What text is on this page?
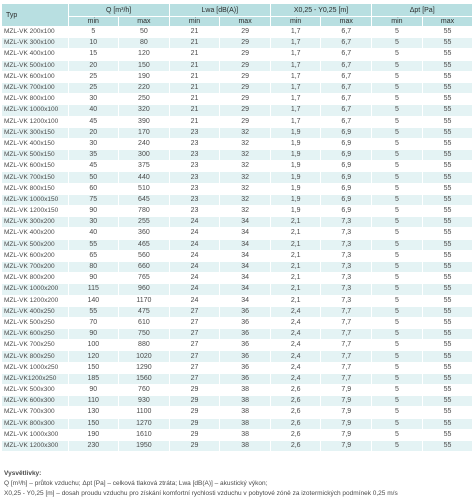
Typ	Q [m³/h]		Lwa [dB(A)]		X0,25 - Y0,25 [m]		Δpt [Pa]	
	min	max	min	max	min	max	min	max
MZL-VK 200x100	5	50	21	29	1,7	6,7	5	55
MZL-VK 300x100	10	80	21	29	1,7	6,7	5	55
MZL-VK 400x100	15	120	21	29	1,7	6,7	5	55
MZL-VK 500x100	20	150	21	29	1,7	6,7	5	55
MZL-VK 600x100	25	190	21	29	1,7	6,7	5	55
MZL-VK 700x100	25	220	21	29	1,7	6,7	5	55
MZL-VK 800x100	30	250	21	29	1,7	6,7	5	55
MZL-VK 1000x100	40	320	21	29	1,7	6,7	5	55
MZL-VK 1200x100	45	390	21	29	1,7	6,7	5	55
MZL-VK 300x150	20	170	23	32	1,9	6,9	5	55
MZL-VK 400x150	30	240	23	32	1,9	6,9	5	55
MZL-VK 500x150	35	300	23	32	1,9	6,9	5	55
MZL-VK 600x150	45	375	23	32	1,9	6,9	5	55
MZL-VK 700x150	50	440	23	32	1,9	6,9	5	55
MZL-VK 800x150	60	510	23	32	1,9	6,9	5	55
MZL-VK 1000x150	75	645	23	32	1,9	6,9	5	55
MZL-VK 1200x150	90	780	23	32	1,9	6,9	5	55
MZL-VK 300x200	30	255	24	34	2,1	7,3	5	55
MZL-VK 400x200	40	360	24	34	2,1	7,3	5	55
MZL-VK 500x200	55	465	24	34	2,1	7,3	5	55
MZL-VK 600x200	65	560	24	34	2,1	7,3	5	55
MZL-VK 700x200	80	660	24	34	2,1	7,3	5	55
MZL-VK 800x200	90	765	24	34	2,1	7,3	5	55
MZL-VK 1000x200	115	960	24	34	2,1	7,3	5	55
MZL-VK 1200x200	140	1170	24	34	2,1	7,3	5	55
MZL-VK 400x250	55	475	27	36	2,4	7,7	5	55
MZL-VK 500x250	70	610	27	36	2,4	7,7	5	55
MZL-VK 600x250	90	750	27	36	2,4	7,7	5	55
MZL-VK 700x250	100	880	27	36	2,4	7,7	5	55
MZL-VK 800x250	120	1020	27	36	2,4	7,7	5	55
MZL-VK 1000x250	150	1290	27	36	2,4	7,7	5	55
MZL-VK1200x250	185	1560	27	36	2,4	7,7	5	55
MZL-VK 500x300	90	760	29	38	2,6	7,9	5	55
MZL-VK 600x300	110	930	29	38	2,6	7,9	5	55
MZL-VK 700x300	130	1100	29	38	2,6	7,9	5	55
MZL-VK 800x300	150	1270	29	38	2,6	7,9	5	55
MZL-VK 1000x300	190	1610	29	38	2,6	7,9	5	55
MZL-VK 1200x300	230	1950	29	38	2,6	7,9	5	55
Vysvětlivky:
Q [m³/h] – průtok vzduchu; Δpt [Pa] – celková tlaková ztráta; Lwa [dB(A)] – akustický výkon;
X0,25 - Y0,25 [m] – dosah proudu vzduchu pro získání komfortní rychlosti vzduchu v pobytové zóně za izotermických podmínek 0,25 m/s
